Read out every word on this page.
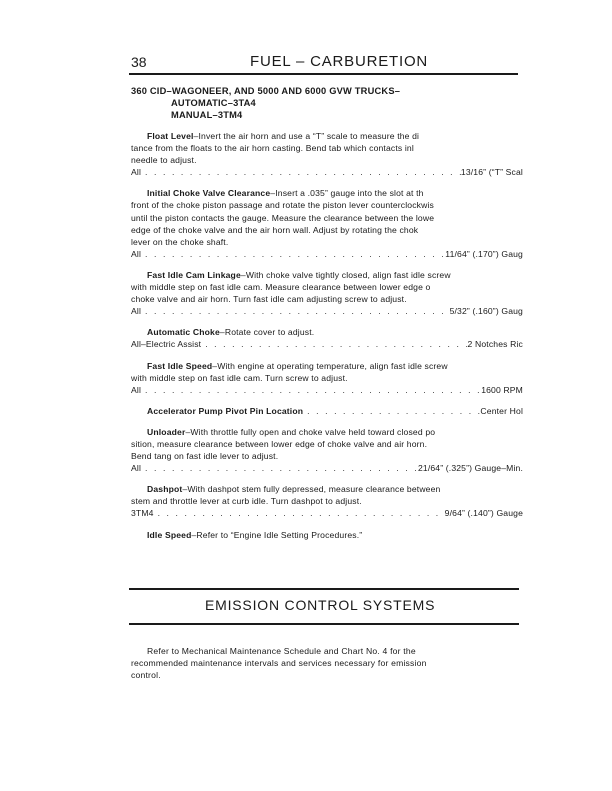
38	FUEL – CARBURETION
360 CID–WAGONEER, AND 5000 AND 6000 GVW TRUCKS–
AUTOMATIC–3TA4
MANUAL–3TM4
Float Level–Invert the air horn and use a “T” scale to measure the di
tance from the floats to the air horn casting. Bend tab which contacts inl
needle to adjust.
All . . .	13/16” (“T” Scal
Initial Choke Valve Clearance–Insert a .035” gauge into the slot at th
front of the choke piston passage and rotate the piston lever counterclockwis
until the piston contacts the gauge. Measure the clearance between the lowe
edge of the choke valve and the air horn wall. Adjust by rotating the chok
lever on the choke shaft.
All . . .	11/64” (.170”) Gaug
Fast Idle Cam Linkage–With choke valve tightly closed, align fast idle screw
with middle step on fast idle cam. Measure clearance between lower edge o
choke valve and air horn. Turn fast idle cam adjusting screw to adjust.
All . . .	5/32” (.160”) Gaug
Automatic Choke–Rotate cover to adjust.
All–Electric Assist . . .	2 Notches Ric
Fast Idle Speed–With engine at operating temperature, align fast idle screw
with middle step on fast idle cam. Turn screw to adjust.
All . . .	1600 RPM
Accelerator Pump Pivot Pin Location . . .	Center Hol
Unloader–With throttle fully open and choke valve held toward closed po
sition, measure clearance between lower edge of choke valve and air horn.
Bend tang on fast idle lever to adjust.
All . . .	21/64” (.325”) Gauge–Min.
Dashpot–With dashpot stem fully depressed, measure clearance between
stem and throttle lever at curb idle. Turn dashpot to adjust.
3TM4 . . .	9/64” (.140”) Gauge
Idle Speed–Refer to “Engine Idle Setting Procedures.”
EMISSION CONTROL SYSTEMS
Refer to Mechanical Maintenance Schedule and Chart No. 4 for the
recommended maintenance intervals and services necessary for emission
control.
